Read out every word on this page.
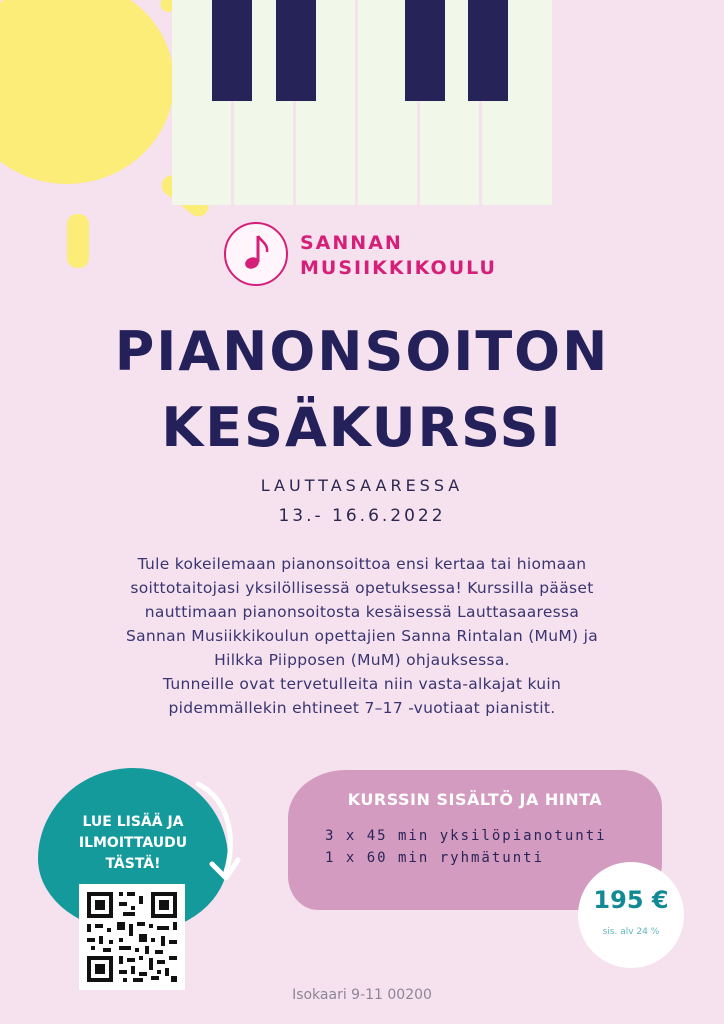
SANNAN
MUSIIKKIKOULU
PIANONSOITON
KESÄKURSSI
LAUTTASAARESSA
13.- 16.6.2022
Tule kokeilemaan pianonsoittoa ensi kertaa tai hiomaan
soittotaitojasi yksilöllisessä opetuksessa! Kurssilla pääset
nauttimaan pianonsoitosta kesäisessä Lauttasaaressa
Sannan Musiikkikoulun opettajien Sanna Rintalan (MuM) ja
Hilkka Piipposen (MuM) ohjauksessa.
Tunneille ovat tervetulleita niin vasta-alkajat kuin
pidemmällekin ehtineet 7–17 -vuotiaat pianistit.
LUE LISÄÄ JA
ILMOITTAUDU
TÄSTÄ!
KURSSIN SISÄLTÖ JA HINTA
3 x 45 min yksilöpianotunti
1 x 60 min ryhmätunti
195 €
sis. alv 24 %
Isokaari 9-11 00200
